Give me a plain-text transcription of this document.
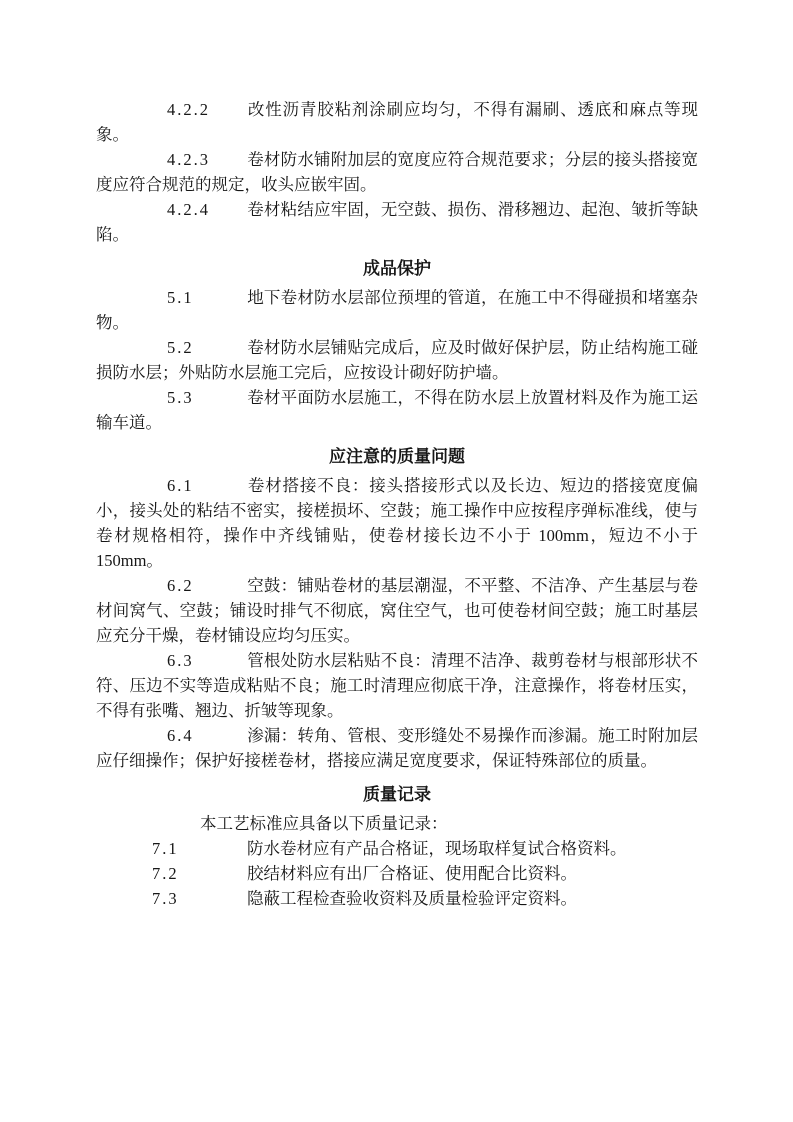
4.2.2 改性沥青胶粘剂涂刷应均匀，不得有漏刷、透底和麻点等现象。

4.2.3 卷材防水铺附加层的宽度应符合规范要求；分层的接头搭接宽度应符合规范的规定，收头应嵌牢固。

4.2.4 卷材粘结应牢固，无空鼓、损伤、滑移翘边、起泡、皱折等缺陷。

成品保护

5.1	地下卷材防水层部位预埋的管道，在施工中不得碰损和堵塞杂物。

5.2	卷材防水层铺贴完成后，应及时做好保护层，防止结构施工碰损防水层；外贴防水层施工完后，应按设计砌好防护墙。

5.3	卷材平面防水层施工，不得在防水层上放置材料及作为施工运输车道。

应注意的质量问题

6.1	卷材搭接不良：接头搭接形式以及长边、短边的搭接宽度偏小，接头处的粘结不密实，接槎损坏、空鼓；施工操作中应按程序弹标准线，使与卷材规格相符，操作中齐线铺贴，使卷材接长边不小于 100mm，短边不小于 150mm。

6.2	空鼓：铺贴卷材的基层潮湿，不平整、不洁净、产生基层与卷材间窝气、空鼓；铺设时排气不彻底，窝住空气，也可使卷材间空鼓；施工时基层应充分干燥，卷材铺设应均匀压实。

6.3	管根处防水层粘贴不良：清理不洁净、裁剪卷材与根部形状不符、压边不实等造成粘贴不良；施工时清理应彻底干净，注意操作，将卷材压实，不得有张嘴、翘边、折皱等现象。

6.4	渗漏：转角、管根、变形缝处不易操作而渗漏。施工时附加层应仔细操作；保护好接槎卷材，搭接应满足宽度要求，保证特殊部位的质量。

质量记录

本工艺标准应具备以下质量记录：

7.1	防水卷材应有产品合格证，现场取样复试合格资料。

7.2	胶结材料应有出厂合格证、使用配合比资料。

7.3	隐蔽工程检查验收资料及质量检验评定资料。
